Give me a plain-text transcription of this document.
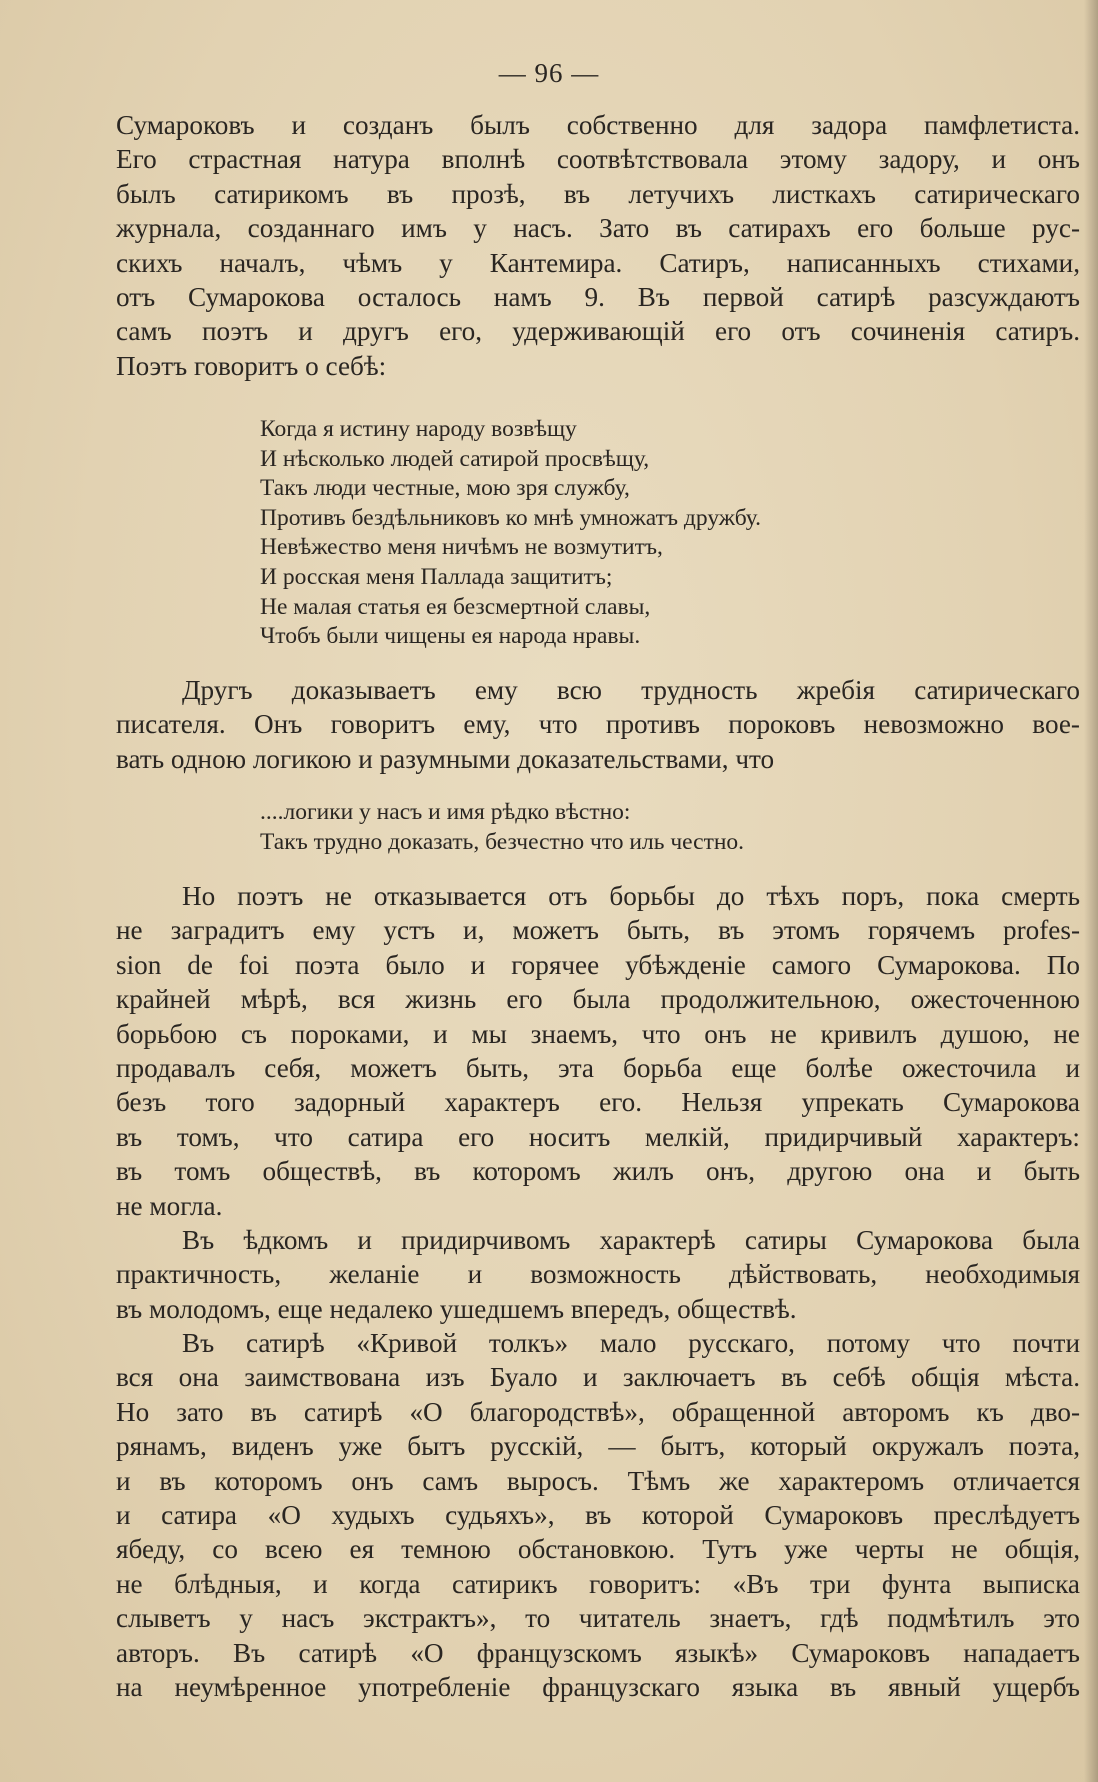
— 96 —
Сумароковъ и созданъ былъ собственно для задора памфлетиста.
Его страстная натура вполнѣ соотвѣтствовала этому задору, и онъ
былъ сатирикомъ въ прозѣ, въ летучихъ листкахъ сатирическаго
журнала, созданнаго имъ у насъ. Зато въ сатирахъ его больше рус-
скихъ началъ, чѣмъ у Кантемира. Сатиръ, написанныхъ стихами,
отъ Сумарокова осталось намъ 9. Въ первой сатирѣ разсуждаютъ
самъ поэтъ и другъ его, удерживающій его отъ сочиненія сатиръ.
Поэтъ говоритъ о себѣ:
Когда я истину народу возвѣщу
И нѣсколько людей сатирой просвѣщу,
Такъ люди честные, мою зря службу,
Противъ бездѣльниковъ ко мнѣ умножатъ дружбу.
Невѣжество меня ничѣмъ не возмутитъ,
И росская меня Паллада защититъ;
Не малая статья ея безсмертной славы,
Чтобъ были чищены ея народа нравы.
Другъ доказываетъ ему всю трудность жребія сатирическаго
писателя. Онъ говоритъ ему, что противъ пороковъ невозможно вое-
вать одною логикою и разумными доказательствами, что
....логики у насъ и имя рѣдко вѣстно:
Такъ трудно доказать, безчестно что иль честно.
Но поэтъ не отказывается отъ борьбы до тѣхъ поръ, пока смерть
не заградитъ ему устъ и, можетъ быть, въ этомъ горячемъ profes-
sion de foi поэта было и горячее убѣжденіе самого Сумарокова. По
крайней мѣрѣ, вся жизнь его была продолжительною, ожесточенною
борьбою съ пороками, и мы знаемъ, что онъ не кривилъ душою, не
продавалъ себя, можетъ быть, эта борьба еще болѣе ожесточила и
безъ того задорный характеръ его. Нельзя упрекать Сумарокова
въ томъ, что сатира его носитъ мелкій, придирчивый характеръ:
въ томъ обществѣ, въ которомъ жилъ онъ, другою она и быть
не могла.
Въ ѣдкомъ и придирчивомъ характерѣ сатиры Сумарокова была
практичность, желаніе и возможность дѣйствовать, необходимыя
въ молодомъ, еще недалеко ушедшемъ впередъ, обществѣ.
Въ сатирѣ «Кривой толкъ» мало русскаго, потому что почти
вся она заимствована изъ Буало и заключаетъ въ себѣ общія мѣста.
Но зато въ сатирѣ «О благородствѣ», обращенной авторомъ къ дво-
рянамъ, виденъ уже бытъ русскій, — бытъ, который окружалъ поэта,
и въ которомъ онъ самъ выросъ. Тѣмъ же характеромъ отличается
и сатира «О худыхъ судьяхъ», въ которой Сумароковъ преслѣдуетъ
ябеду, со всею ея темною обстановкою. Тутъ уже черты не общія,
не блѣдныя, и когда сатирикъ говоритъ: «Въ три фунта выписка
слыветъ у насъ экстрактъ», то читатель знаетъ, гдѣ подмѣтилъ это
авторъ. Въ сатирѣ «О французскомъ языкѣ» Сумароковъ нападаетъ
на неумѣренное употребленіе французскаго языка въ явный ущербъ
